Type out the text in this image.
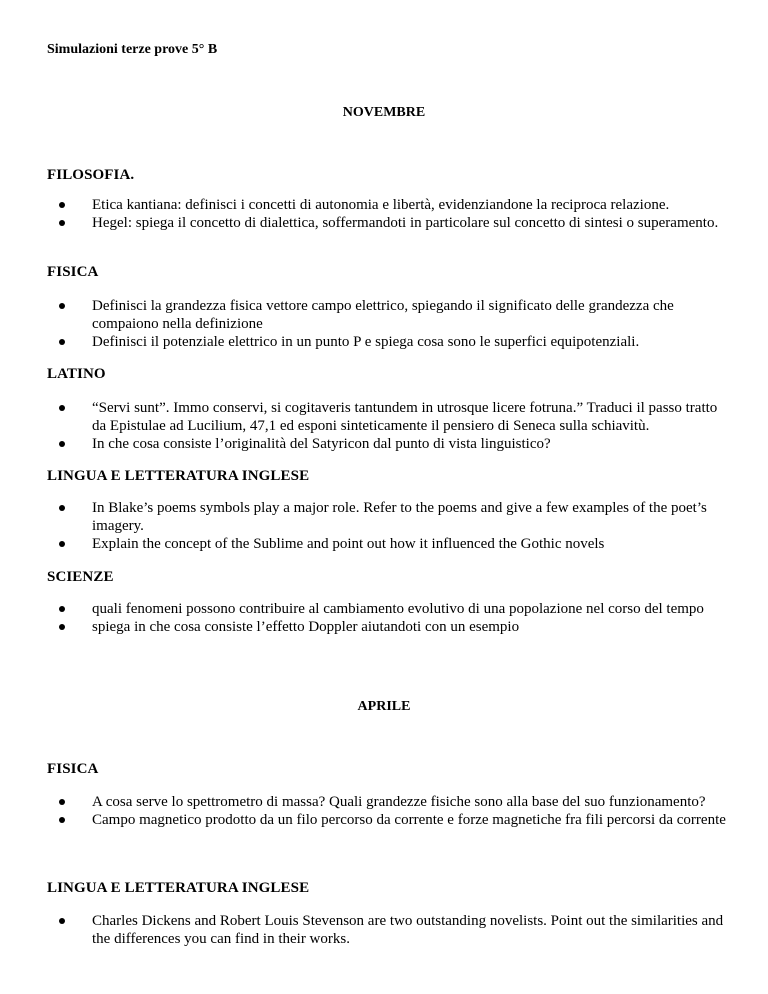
Simulazioni terze prove 5° B
NOVEMBRE
FILOSOFIA.
Etica kantiana: definisci i concetti di autonomia e libertà, evidenziandone la reciproca relazione.
Hegel: spiega il concetto di dialettica, soffermandoti in particolare sul concetto di sintesi o superamento.
FISICA
Definisci la grandezza fisica vettore campo elettrico, spiegando il significato delle grandezza che compaiono nella definizione
Definisci il potenziale elettrico in un punto P e spiega cosa sono le superfici equipotenziali.
LATINO
“Servi sunt”. Immo conservi, si cogitaveris tantundem in utrosque licere fotruna.” Traduci il passo tratto da Epistulae ad Lucilium, 47,1 ed esponi sinteticamente il pensiero di Seneca sulla schiavitù.
In che cosa consiste l’originalità del Satyricon dal punto di vista linguistico?
LINGUA E LETTERATURA INGLESE
In Blake’s poems symbols play a major role. Refer to the poems and give a few examples of the poet’s imagery.
Explain the concept of the Sublime and point out how it influenced the Gothic novels
SCIENZE
quali fenomeni possono contribuire al cambiamento evolutivo di una popolazione nel corso del tempo
spiega in che cosa consiste l’effetto Doppler aiutandoti con un esempio
APRILE
FISICA
A cosa serve lo spettrometro di massa? Quali grandezze fisiche sono alla base del suo funzionamento?
Campo magnetico prodotto da un filo percorso da corrente e forze magnetiche fra fili percorsi da corrente
LINGUA E LETTERATURA INGLESE
Charles Dickens and Robert Louis Stevenson are two outstanding novelists. Point out the similarities and the differences you can find in their works.
